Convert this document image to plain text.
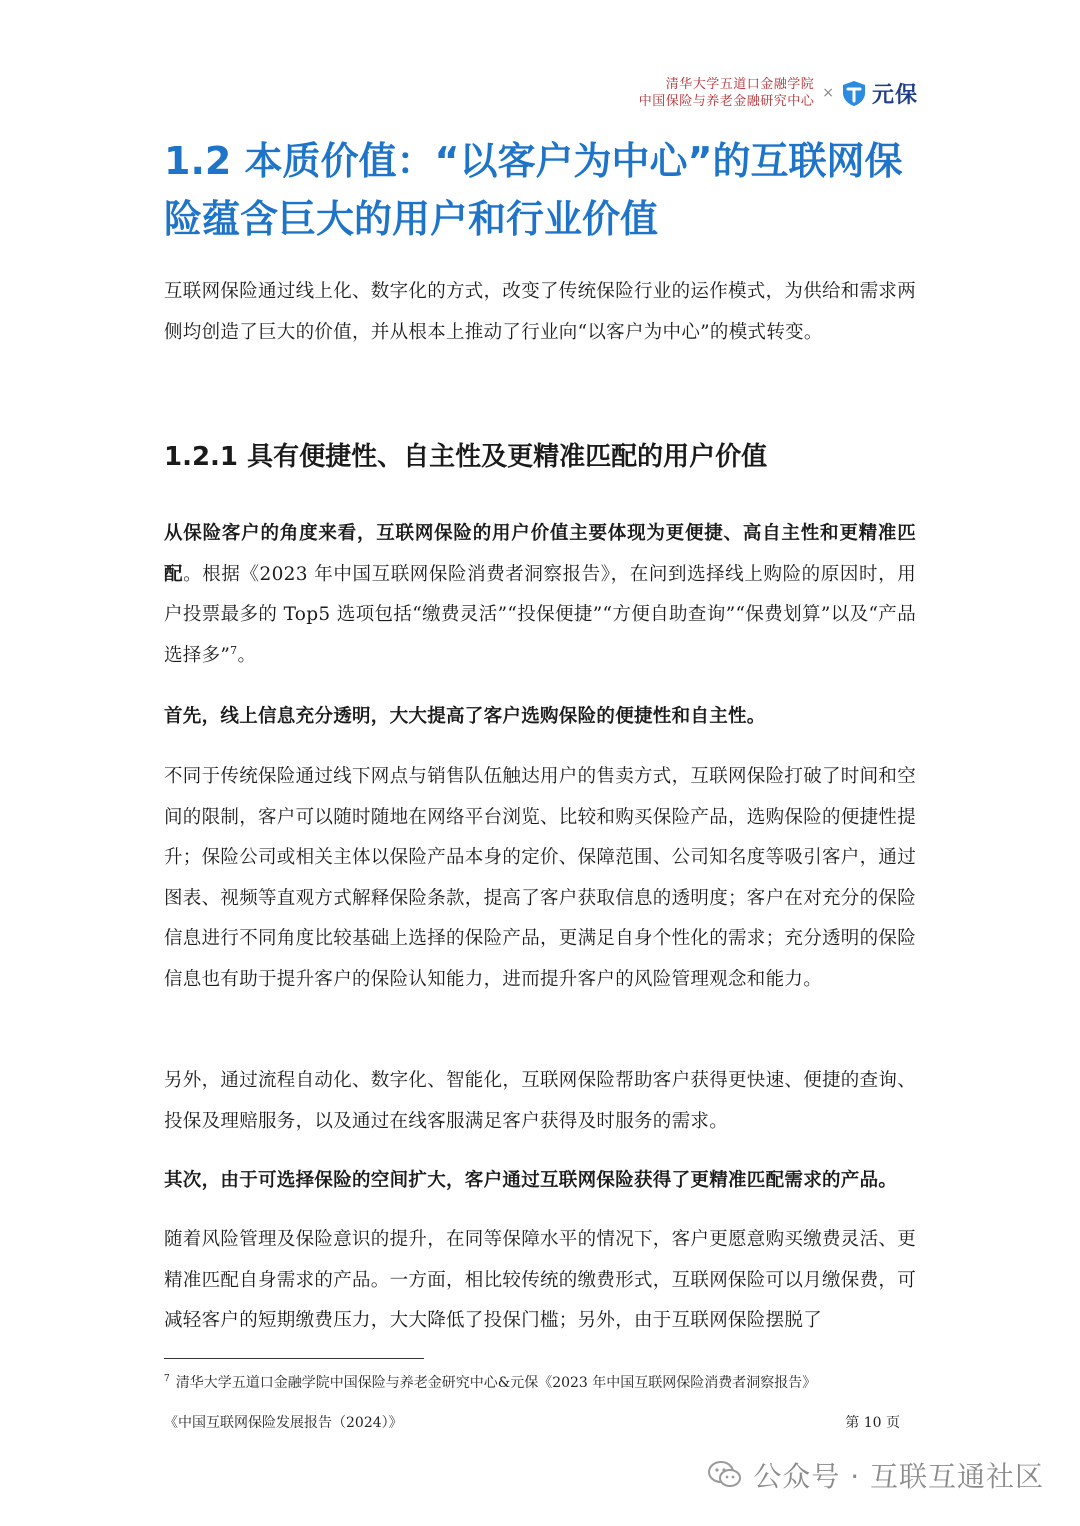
清华大学五道口金融学院
中国保险与养老金融研究中心
× 元保
1.2 本质价值：“以客户为中心”的互联网保险蕴含巨大的用户和行业价值

互联网保险通过线上化、数字化的方式，改变了传统保险行业的运作模式，为供给和需求两侧均创造了巨大的价值，并从根本上推动了行业向“以客户为中心”的模式转变。

1.2.1 具有便捷性、自主性及更精准匹配的用户价值

从保险客户的角度来看，互联网保险的用户价值主要体现为更便捷、高自主性和更精准匹配。根据《2023 年中国互联网保险消费者洞察报告》，在问到选择线上购险的原因时，用户投票最多的 Top5 选项包括“缴费灵活”“投保便捷”“方便自助查询”“保费划算”以及“产品选择多”$^7$。

首先，线上信息充分透明，大大提高了客户选购保险的便捷性和自主性。

不同于传统保险通过线下网点与销售队伍触达用户的售卖方式，互联网保险打破了时间和空间的限制，客户可以随时随地在网络平台浏览、比较和购买保险产品，选购保险的便捷性提升；保险公司或相关主体以保险产品本身的定价、保障范围、公司知名度等吸引客户，通过图表、视频等直观方式解释保险条款，提高了客户获取信息的透明度；客户在对充分的保险信息进行不同角度比较基础上选择的保险产品，更满足自身个性化的需求；充分透明的保险信息也有助于提升客户的保险认知能力，进而提升客户的风险管理观念和能力。

另外，通过流程自动化、数字化、智能化，互联网保险帮助客户获得更快速、便捷的查询、投保及理赔服务，以及通过在线客服满足客户获得及时服务的需求。

其次，由于可选择保险的空间扩大，客户通过互联网保险获得了更精准匹配需求的产品。

随着风险管理及保险意识的提升，在同等保障水平的情况下，客户更愿意购买缴费灵活、更精准匹配自身需求的产品。一方面，相比较传统的缴费形式，互联网保险可以月缴保费，可减轻客户的短期缴费压力，大大降低了投保门槛；另外，由于互联网保险摆脱了

$^7$ 清华大学五道口金融学院中国保险与养老金研究中心&元保《2023 年中国互联网保险消费者洞察报告》
《中国互联网保险发展报告（2024）》	第 10 页
公众号 · 互联互通社区
